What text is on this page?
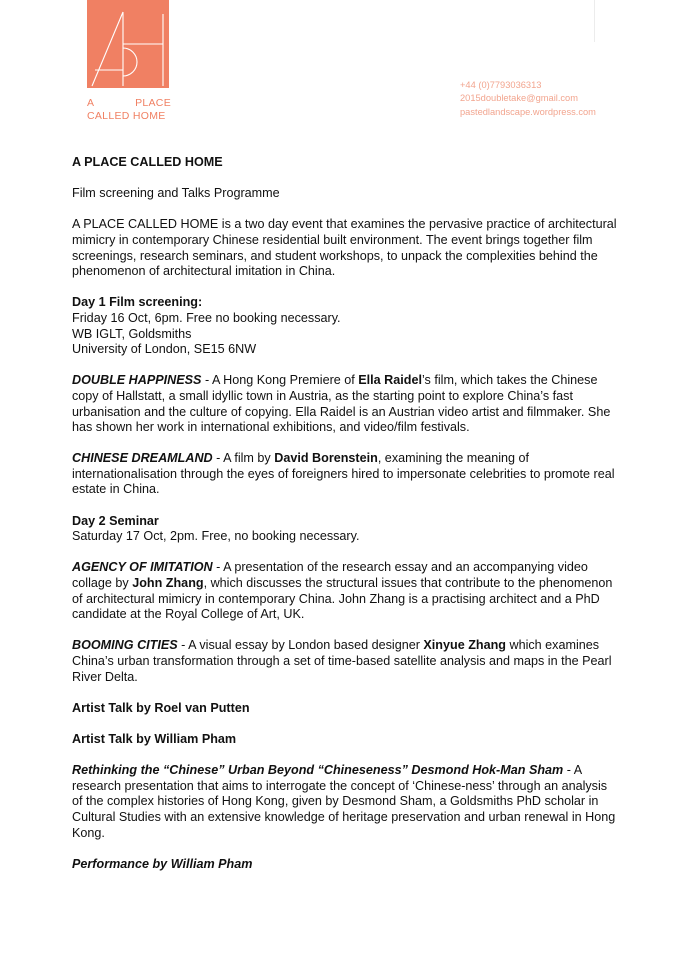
A	PLACE
CALLED HOME
+44 (0)7793036313
2015doubletake@gmail.com
pastedlandscape.wordpress.com

A PLACE CALLED HOME

Film screening and Talks Programme

A PLACE CALLED HOME is a two day event that examines the pervasive practice of architectural mimicry in contemporary Chinese residential built environment. The event brings together film screenings, research seminars, and student workshops, to unpack the complexities behind the phenomenon of architectural imitation in China.

Day 1 Film screening:
Friday 16 Oct, 6pm. Free no booking necessary.
WB IGLT, Goldsmiths
University of London, SE15 6NW

DOUBLE HAPPINESS - A Hong Kong Premiere of Ella Raidel’s film, which takes the Chinese copy of Hallstatt, a small idyllic town in Austria, as the starting point to explore China’s fast urbanisation and the culture of copying. Ella Raidel is an Austrian video artist and filmmaker. She has shown her work in international exhibitions, and video/film festivals.

CHINESE DREAMLAND - A film by David Borenstein, examining the meaning of internationalisation through the eyes of foreigners hired to impersonate celebrities to promote real estate in China.

Day 2 Seminar
Saturday 17 Oct, 2pm. Free, no booking necessary.

AGENCY OF IMITATION - A presentation of the research essay and an accompanying video collage by John Zhang, which discusses the structural issues that contribute to the phenomenon of architectural mimicry in contemporary China. John Zhang is a practising architect and a PhD candidate at the Royal College of Art, UK.

BOOMING CITIES - A visual essay by London based designer Xinyue Zhang which examines China’s urban transformation through a set of time-based satellite analysis and maps in the Pearl River Delta.

Artist Talk by Roel van Putten

Artist Talk by William Pham

Rethinking the “Chinese” Urban Beyond “Chineseness” Desmond Hok-Man Sham - A research presentation that aims to interrogate the concept of ‘Chinese-ness’ through an analysis of the complex histories of Hong Kong, given by Desmond Sham, a Goldsmiths PhD scholar in Cultural Studies with an extensive knowledge of heritage preservation and urban renewal in Hong Kong.

Performance by William Pham
